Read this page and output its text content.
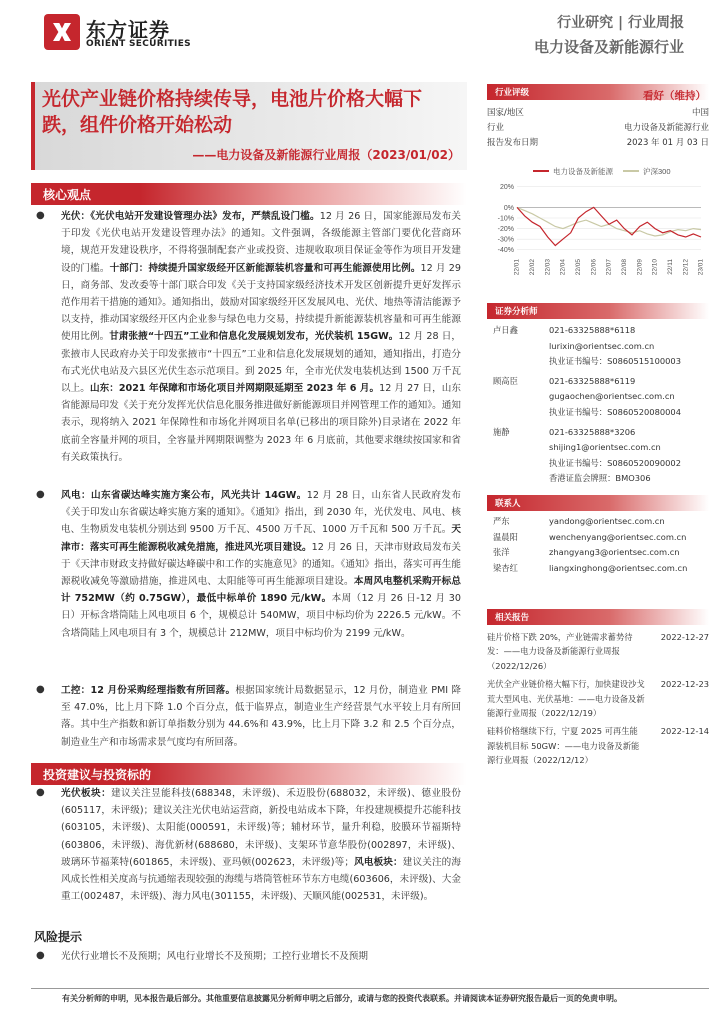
东方证券
ORIENT SECURITIES
行业研究 | 行业周报
电力设备及新能源行业
光伏产业链价格持续传导，电池片价格大幅下跌，组件价格开始松动
——电力设备及新能源行业周报（2023/01/02）
核心观点
● 光伏：《光伏电站开发建设管理办法》发布，严禁乱设门槛。12 月 26 日，国家能源局发布关于印发《光伏电站开发建设管理办法》的通知。文件强调，各级能源主管部门要优化营商环境，规范开发建设秩序，不得将强制配套产业或投资、违规收取项目保证金等作为项目开发建设的门槛。十部门：持续提升国家级经开区新能源装机容量和可再生能源使用比例。12 月 29 日，商务部、发改委等十部门联合印发《关于支持国家级经济技术开发区创新提升更好发挥示范作用若干措施的通知》。通知指出，鼓励对国家级经开区发展风电、光伏、地热等清洁能源予以支持，推动国家级经开区内企业参与绿色电力交易，持续提升新能源装机容量和可再生能源使用比例。甘肃张掖“十四五”工业和信息化发展规划发布，光伏装机 15GW。12 月 28 日，张掖市人民政府办关于印发张掖市“十四五”工业和信息化发展规划的通知，通知指出，打造分布式光伏电站及六县区光伏生态示范项目。到 2025 年，全市光伏发电装机达到 1500 万千瓦以上。山东：2021 年保障和市场化项目并网期限延期至 2023 年 6 月。12 月 27 日，山东省能源局印发《关于充分发挥光伏信息化服务推进做好新能源项目并网管理工作的通知》。通知表示，现将纳入 2021 年保障性和市场化并网项目名单(已移出的项目除外)目录诸在 2022 年底前全容量并网的项目，全容量并网期限调整为 2023 年 6 月底前，其他要求继续按国家和省有关政策执行。
● 风电：山东省碳达峰实施方案公布，风光共计 14GW。12 月 28 日，山东省人民政府发布《关于印发山东省碳达峰实施方案的通知》。《通知》指出，到 2030 年，光伏发电、风电、核电、生物质发电装机分别达到 9500 万千瓦、4500 万千瓦、1000 万千瓦和 500 万千瓦。天津市：落实可再生能源税收减免措施，推进风光项目建设。12 月 26 日，天津市财政局发布关于《天津市财政支持做好碳达峰碳中和工作的实施意见》的通知。《通知》指出，落实可再生能源税收减免等激励措施，推进风电、太阳能等可再生能源项目建设。本周风电整机采购开标总计 752MW（约 0.75GW），最低中标单价 1890 元/kW。本周（12 月 26 日-12 月 30 日）开标含塔筒陆上风电项目 6 个，规模总计 540MW，项目中标均价为 2226.5 元/kW。不含塔筒陆上风电项目有 3 个，规模总计 212MW，项目中标均价为 2199 元/kW。
● 工控：12 月份采购经理指数有所回落。根据国家统计局数据显示，12 月份，制造业 PMI 降至 47.0%，比上月下降 1.0 个百分点，低于临界点，制造业生产经营景气水平较上月有所回落。其中生产指数和新订单指数分别为 44.6%和 43.9%，比上月下降 3.2 和 2.5 个百分点，制造业生产和市场需求景气度均有所回落。
投资建议与投资标的
● 光伏板块：建议关注昱能科技(688348，未评级)、禾迈股份(688032，未评级)、德业股份(605117，未评级)；建议关注光伏电站运营商，新投电站成本下降，年投建规模提升芯能科技(603105，未评级)、太阳能(000591，未评级)等；辅材环节，量升利稳，胶膜环节福斯特(603806，未评级)、海优新材(688680，未评级)、支架环节意华股份(002897，未评级)、玻璃环节福莱特(601865，未评级)、亚玛顿(002623，未评级)等；风电板块：建议关注的海风成长性相关度高与抗通缩表现较强的海缆与塔筒管桩环节东方电缆(603606，未评级)、大金重工(002487，未评级)、海力风电(301155，未评级)、天顺风能(002531，未评级)。
风险提示
● 光伏行业增长不及预期；风电行业增长不及预期；工控行业增长不及预期
行业评级	看好（维持）
国家/地区	中国
行业	电力设备及新能源行业
报告发布日期	2023 年 01 月 03 日
电力设备及新能源	沪深300
20%
0%
-10%
-20%
-30%
-40%
22/01 22/02 22/03 22/04 22/05 22/06 22/07 22/08 22/09 22/10 22/11 22/12 23/01
证券分析师
卢日鑫	021-63325888*6118
lurixin@orientsec.com.cn
执业证书编号：S0860515100003
顾高臣	021-63325888*6119
gugaochen@orientsec.com.cn
执业证书编号：S0860520080004
施静	021-63325888*3206
shijing1@orientsec.com.cn
执业证书编号：S0860520090002
香港证监会牌照：BMO306
联系人
严东	yandong@orientsec.com.cn
温晨阳	wenchenyang@orientsec.com.cn
张洋	zhangyang3@orientsec.com.cn
梁杏红	liangxinghong@orientsec.com.cn
相关报告
硅片价格下跌 20%，产业链需求蓄势待发：——电力设备及新能源行业周报（2022/12/26）
2022-12-27
光伏全产业链价格大幅下行，加快建设沙戈荒大型风电、光伏基地：——电力设备及新能源行业周报（2022/12/19）
2022-12-23
硅料价格继续下行，宁夏 2025 可再生能源装机目标 50GW：——电力设备及新能源行业周报（2022/12/12）
2022-12-14
有关分析师的申明，见本报告最后部分。其他重要信息披露见分析师申明之后部分，或请与您的投资代表联系。并请阅读本证券研究报告最后一页的免责申明。
